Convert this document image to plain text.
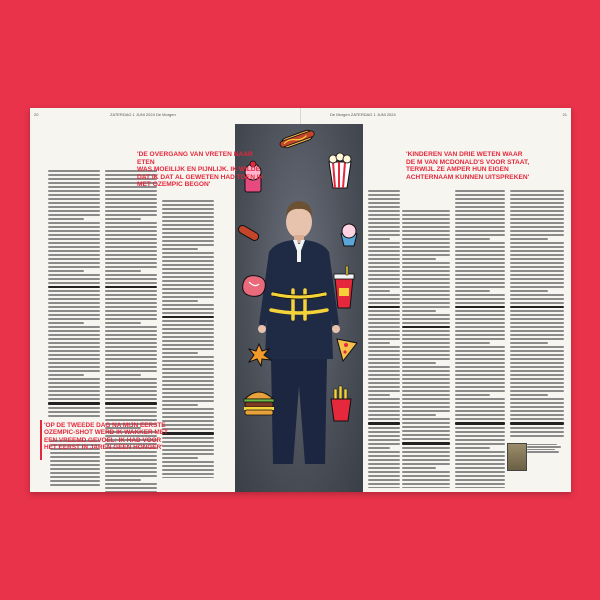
20	ZATERDAG 1 JUNI 2024 De Morgen	De Morgen ZATERDAG 1 JUNI 2024	21
'DE OVERGANG VAN VRETEN NAAR ETEN
WAS MOEILIJK EN PIJNLIJK. IK WILDE
DAT IK DAT AL GEWETEN HAD TOEN IK
MET OZEMPIC BEGON'
'KINDEREN VAN DRIE WETEN WAAR
DE M VAN MCDONALD'S VOOR STAAT,
TERWIJL ZE AMPER HUN EIGEN
ACHTERNAAM KUNNEN UITSPREKEN'
'OP DE TWEEDE DAG NA MIJN EERSTE
OZEMPIC-SHOT WERD IK WAKKER MET
EEN VREEMD GEVOEL: IK HAD VOOR
HET EERST IN JAREN GEEN HONGER'
